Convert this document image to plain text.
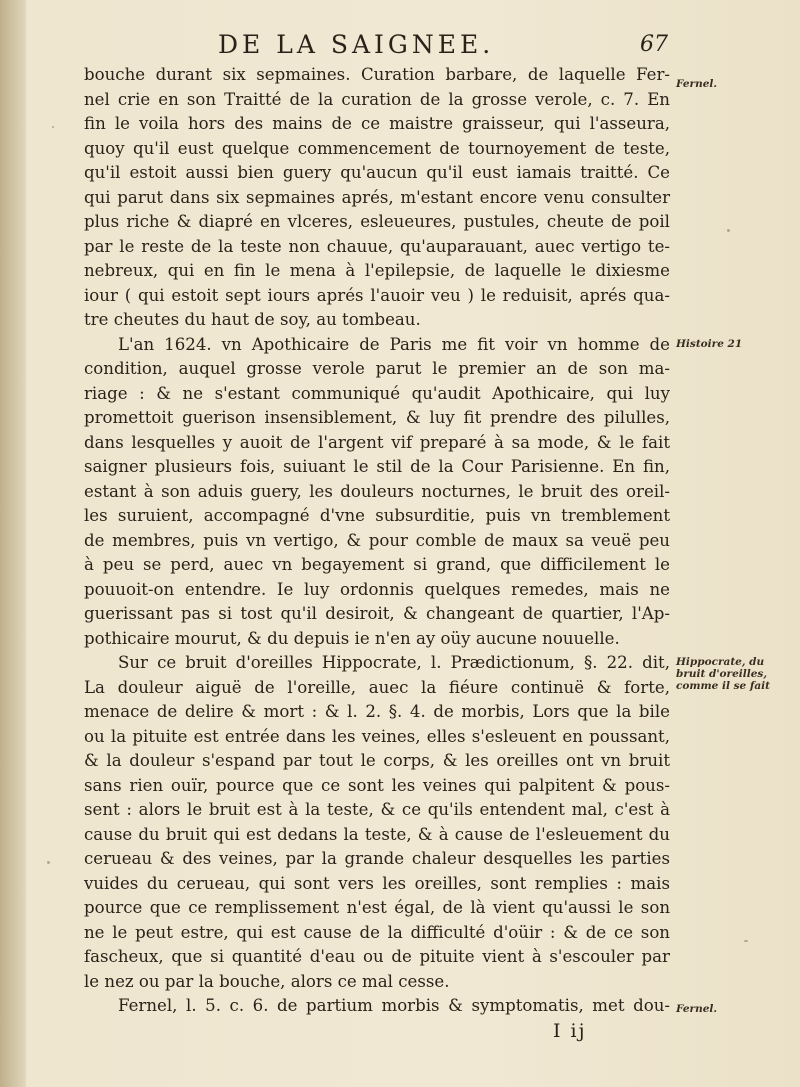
DE LA SAIGNEE.	67
bouche durant six sepmaines. Curation barbare, de laquelle Fer-
nel crie en son Traitté de la curation de la grosse verole, c. 7. En
fin le voila hors des mains de ce maistre graisseur, qui l'asseura,
quoy qu'il eust quelque commencement de tournoyement de teste,
qu'il estoit aussi bien guery qu'aucun qu'il eust iamais traitté. Ce
qui parut dans six sepmaines aprés, m'estant encore venu consulter
plus riche & diapré en vlceres, esleueures, pustules, cheute de poil
par le reste de la teste non chauue, qu'auparauant, auec vertigo te-
nebreux, qui en fin le mena à l'epilepsie, de laquelle le dixiesme
iour ( qui estoit sept iours aprés l'auoir veu ) le reduisit, aprés qua-
tre cheutes du haut de soy, au tombeau.
L'an 1624. vn Apothicaire de Paris me fit voir vn homme de
condition, auquel grosse verole parut le premier an de son ma-
riage : & ne s'estant communiqué qu'audit Apothicaire, qui luy
promettoit guerison insensiblement, & luy fit prendre des pilulles,
dans lesquelles y auoit de l'argent vif preparé à sa mode, & le fait
saigner plusieurs fois, suiuant le stil de la Cour Parisienne. En fin,
estant à son aduis guery, les douleurs nocturnes, le bruit des oreil-
les suruient, accompagné d'vne subsurditie, puis vn tremblement
de membres, puis vn vertigo, & pour comble de maux sa veuë peu
à peu se perd, auec vn begayement si grand, que difficilement le
pouuoit-on entendre. Ie luy ordonnis quelques remedes, mais ne
guerissant pas si tost qu'il desiroit, & changeant de quartier, l'Ap-
pothicaire mourut, & du depuis ie n'en ay oüy aucune nouuelle.
Sur ce bruit d'oreilles Hippocrate, l. Prædictionum, §. 22. dit,
La douleur aiguë de l'oreille, auec la fiéure continuë & forte,
menace de delire & mort : & l. 2. §. 4. de morbis, Lors que la bile
ou la pituite est entrée dans les veines, elles s'esleuent en poussant,
& la douleur s'espand par tout le corps, & les oreilles ont vn bruit
sans rien ouïr, pource que ce sont les veines qui palpitent & pous-
sent : alors le bruit est à la teste, & ce qu'ils entendent mal, c'est à
cause du bruit qui est dedans la teste, & à cause de l'esleuement du
cerueau & des veines, par la grande chaleur desquelles les parties
vuides du cerueau, qui sont vers les oreilles, sont remplies : mais
pource que ce remplissement n'est égal, de là vient qu'aussi le son
ne le peut estre, qui est cause de la difficulté d'oüir : & de ce son
fascheux, que si quantité d'eau ou de pituite vient à s'escouler par
le nez ou par la bouche, alors ce mal cesse.
Fernel, l. 5. c. 6. de partium morbis & symptomatis, met dou-
Fernel.
Histoire 21
Hippocrate, du bruit d'oreilles, comme il se fait
Fernel.
I ij
